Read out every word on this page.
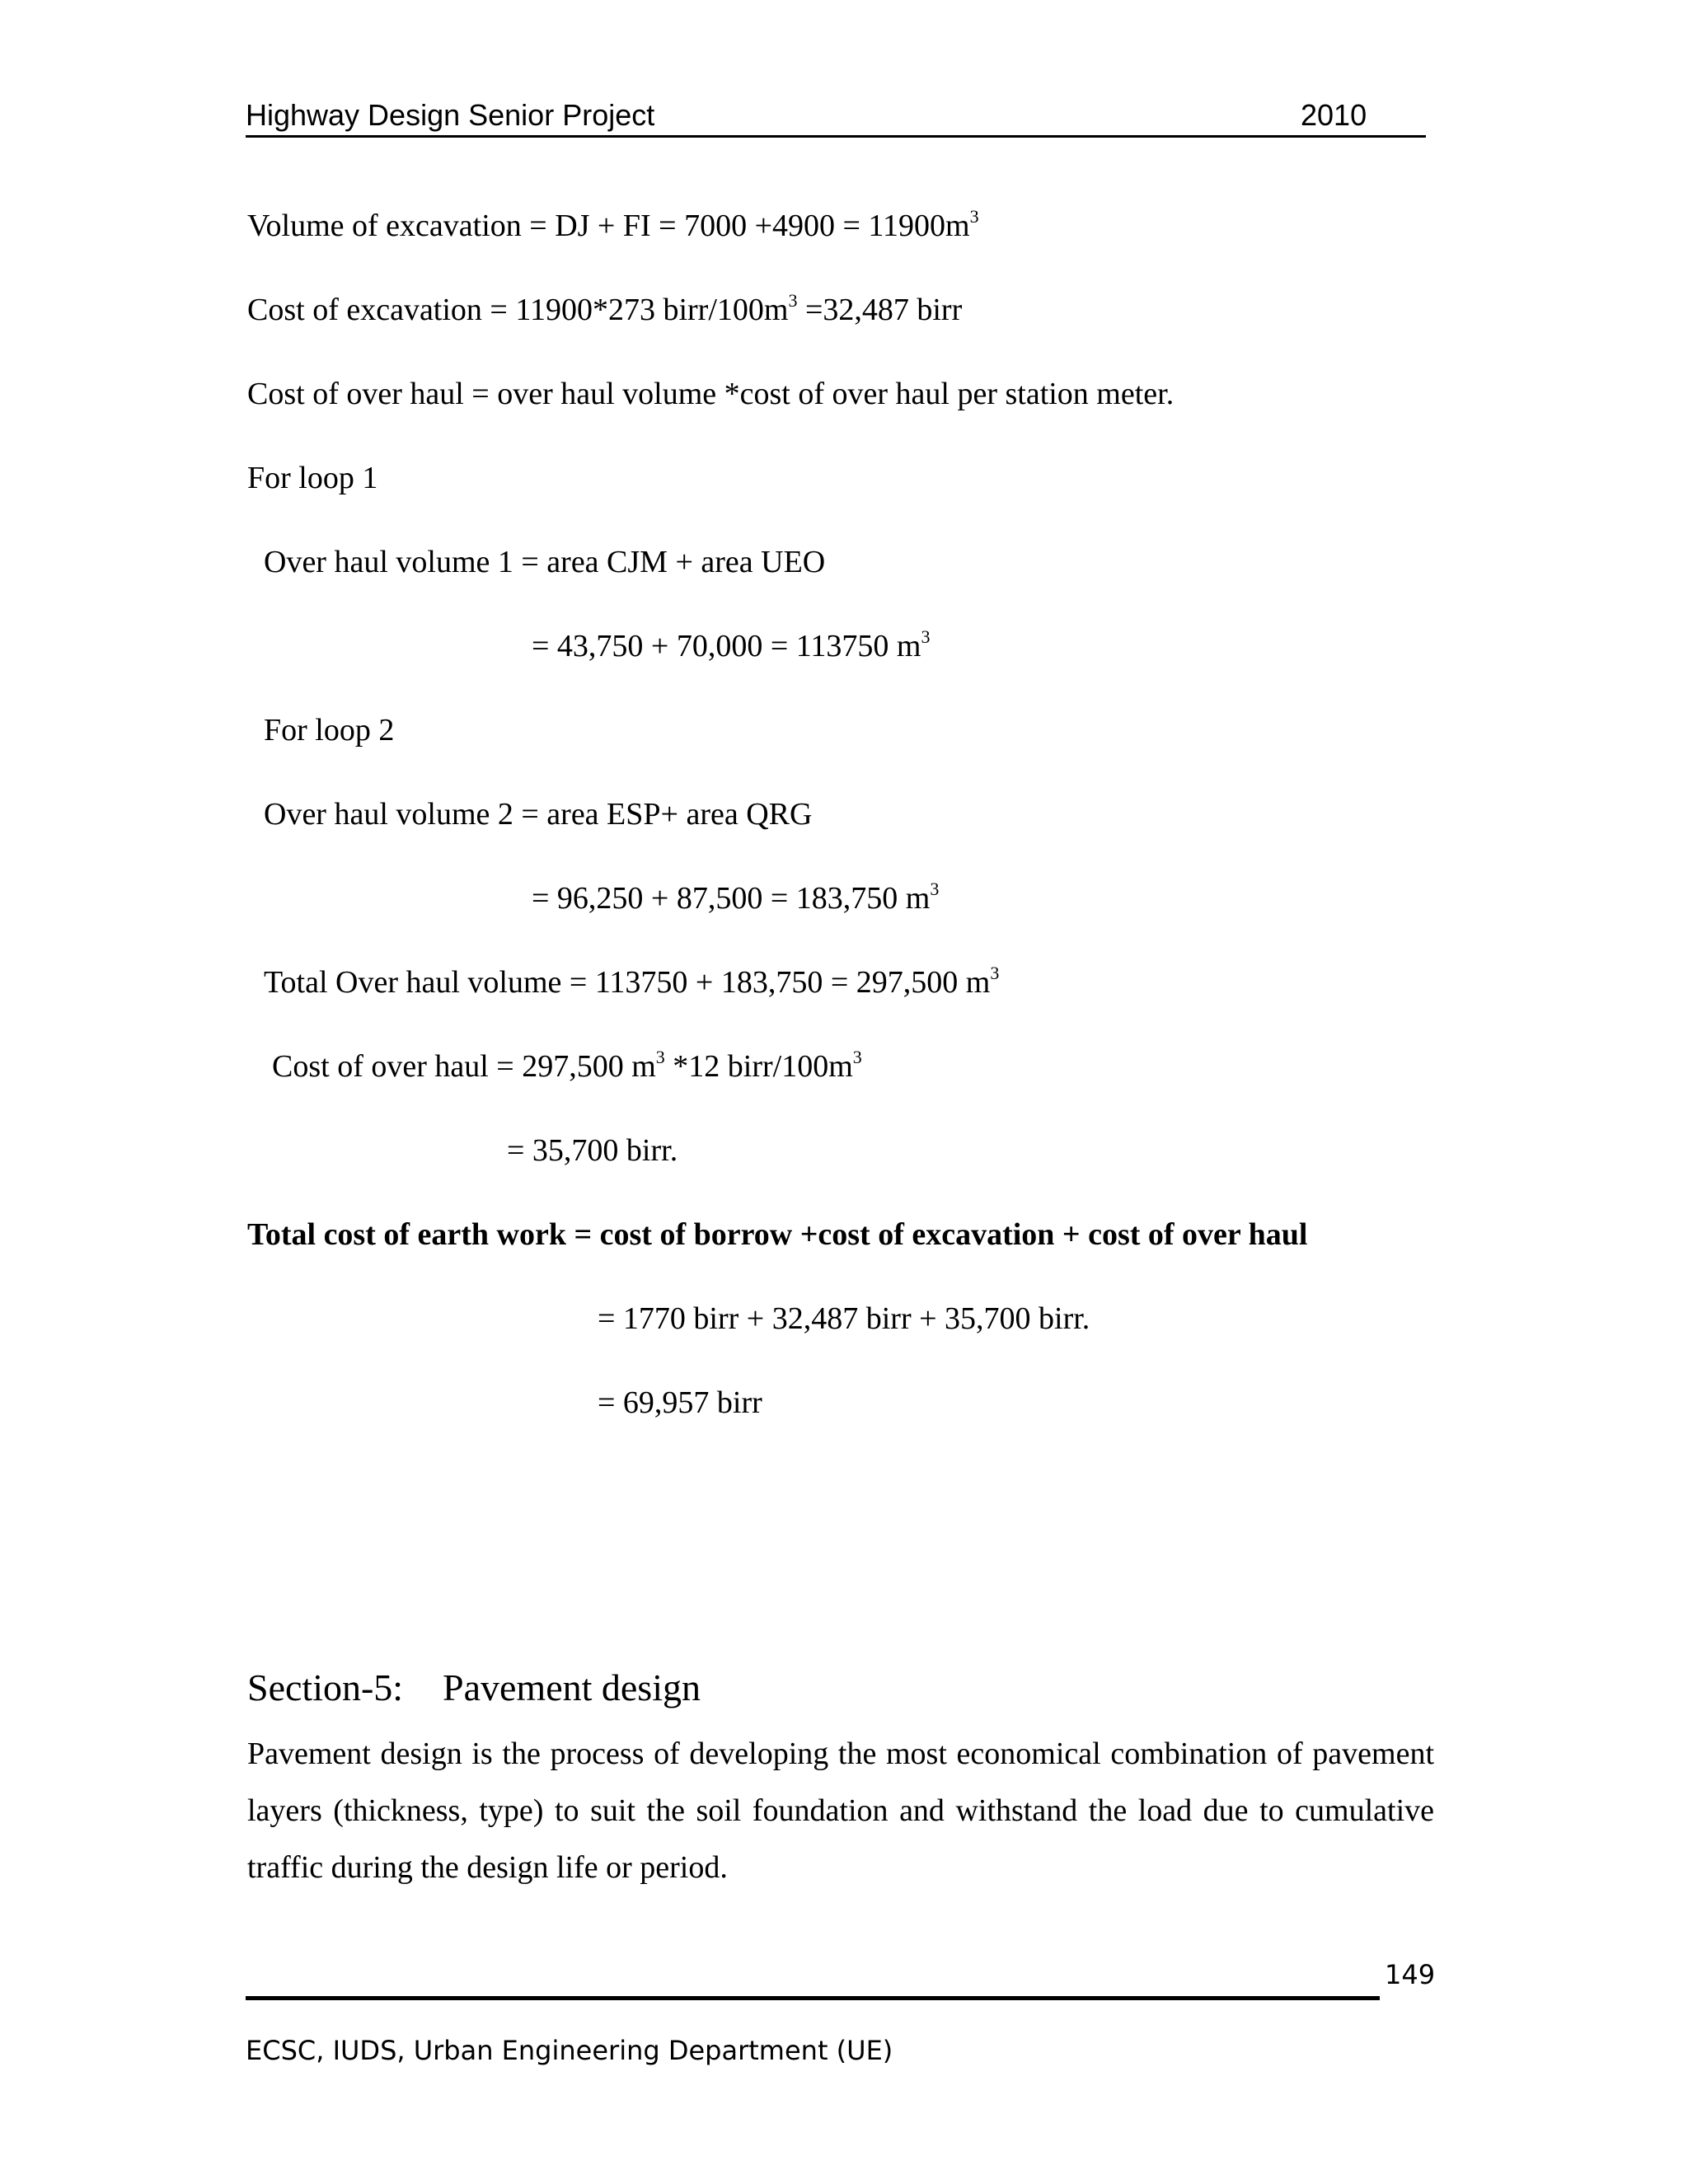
Highway Design Senior Project	2010
Volume of excavation = DJ + FI = $7000 +4900 = 11900m^3$
Cost of excavation = 11900*273 birr/$100m^3 =32,487$ birr
Cost of over haul = over haul volume *cost of over haul per station meter.
For loop 1
Over haul volume 1 = area CJM + area UEO
= 43,750 + 70,000 = 113750 $m^3$
For loop 2
Over haul volume 2 = area ESP+ area QRG
= 96,250 + 87,500 = 183,750 $m^3$
Total Over haul volume = 113750 + 183,750 = 297,500 $m^3$
Cost of over haul = 297,500 $m^3$ *12 birr/$100m^3$
= 35,700 birr.
Total cost of earth work = cost of borrow +cost of excavation + cost of over haul
= 1770 birr + 32,487 birr + 35,700 birr.
= 69,957 birr
Section-5: Pavement design
Pavement design is the process of developing the most economical combination of pavement layers (thickness, type) to suit the soil foundation and withstand the load due to cumulative traffic during the design life or period.
149
ECSC, IUDS, Urban Engineering Department (UE)
